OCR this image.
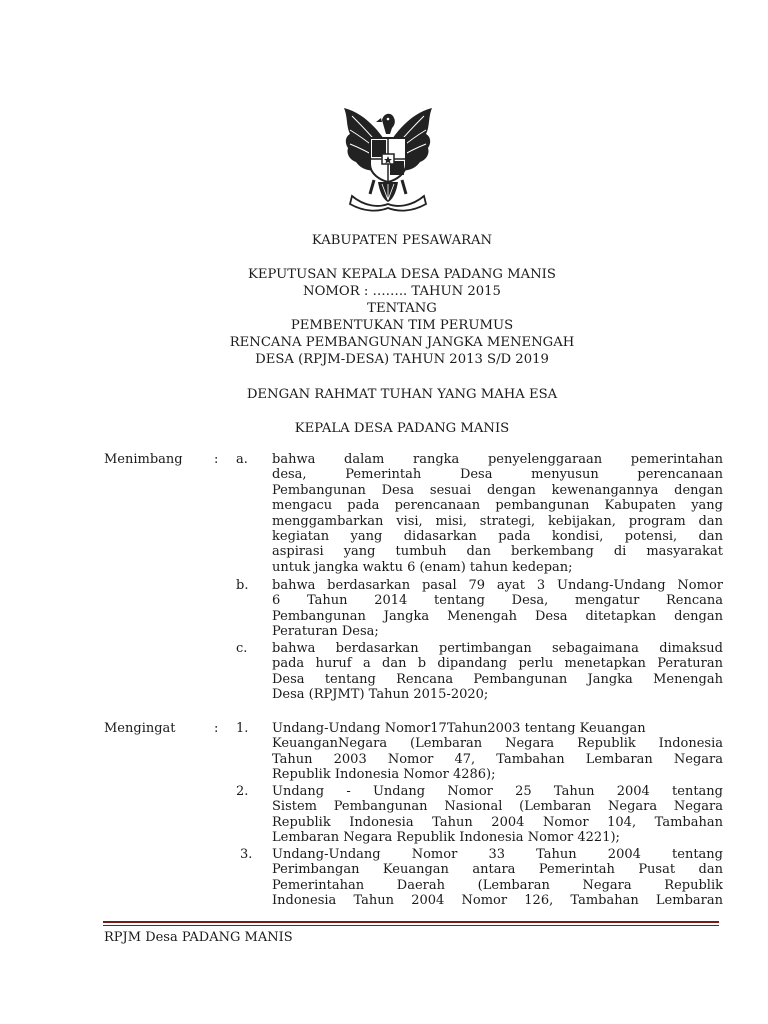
KABUPATEN PESAWARAN
KEPUTUSAN KEPALA DESA PADANG MANIS
NOMOR : …….. TAHUN 2015
TENTANG
PEMBENTUKAN TIM PERUMUS
RENCANA PEMBANGUNAN JANGKA MENENGAH
DESA (RPJM-DESA) TAHUN 2013 S/D 2019
DENGAN RAHMAT TUHAN YANG MAHA ESA
KEPALA DESA PADANG MANIS
Menimbang : a. bahwa dalam rangka penyelenggaraan pemerintahan
desa, Pemerintah Desa menyusun perencanaan
Pembangunan Desa sesuai dengan kewenangannya dengan
mengacu pada perencanaan pembangunan Kabupaten yang
menggambarkan visi, misi, strategi, kebijakan, program dan
kegiatan yang didasarkan pada kondisi, potensi, dan
aspirasi yang tumbuh dan berkembang di masyarakat
untuk jangka waktu 6 (enam) tahun kedepan;
b. bahwa berdasarkan pasal 79 ayat 3 Undang-Undang Nomor
6 Tahun 2014 tentang Desa, mengatur Rencana
Pembangunan Jangka Menengah Desa ditetapkan dengan
Peraturan Desa;
c. bahwa berdasarkan pertimbangan sebagaimana dimaksud
pada huruf a dan b dipandang perlu menetapkan Peraturan
Desa tentang Rencana Pembangunan Jangka Menengah
Desa (RPJMT) Tahun 2015-2020;
Mengingat	: 1. Undang-Undang Nomor17Tahun2003 tentang Keuangan
KeuanganNegara (Lembaran Negara Republik Indonesia
Tahun 2003 Nomor 47, Tambahan Lembaran Negara
Republik Indonesia Nomor 4286);
2. Undang - Undang Nomor 25 Tahun 2004 tentang
Sistem Pembangunan Nasional (Lembaran Negara Negara
Republik Indonesia Tahun 2004 Nomor 104, Tambahan
Lembaran Negara Republik Indonesia Nomor 4221);
3. Undang-Undang Nomor 33 Tahun 2004 tentang
Perimbangan Keuangan antara Pemerintah Pusat dan
Pemerintahan Daerah (Lembaran Negara Republik
Indonesia Tahun 2004 Nomor 126, Tambahan Lembaran
RPJM Desa PADANG MANIS
